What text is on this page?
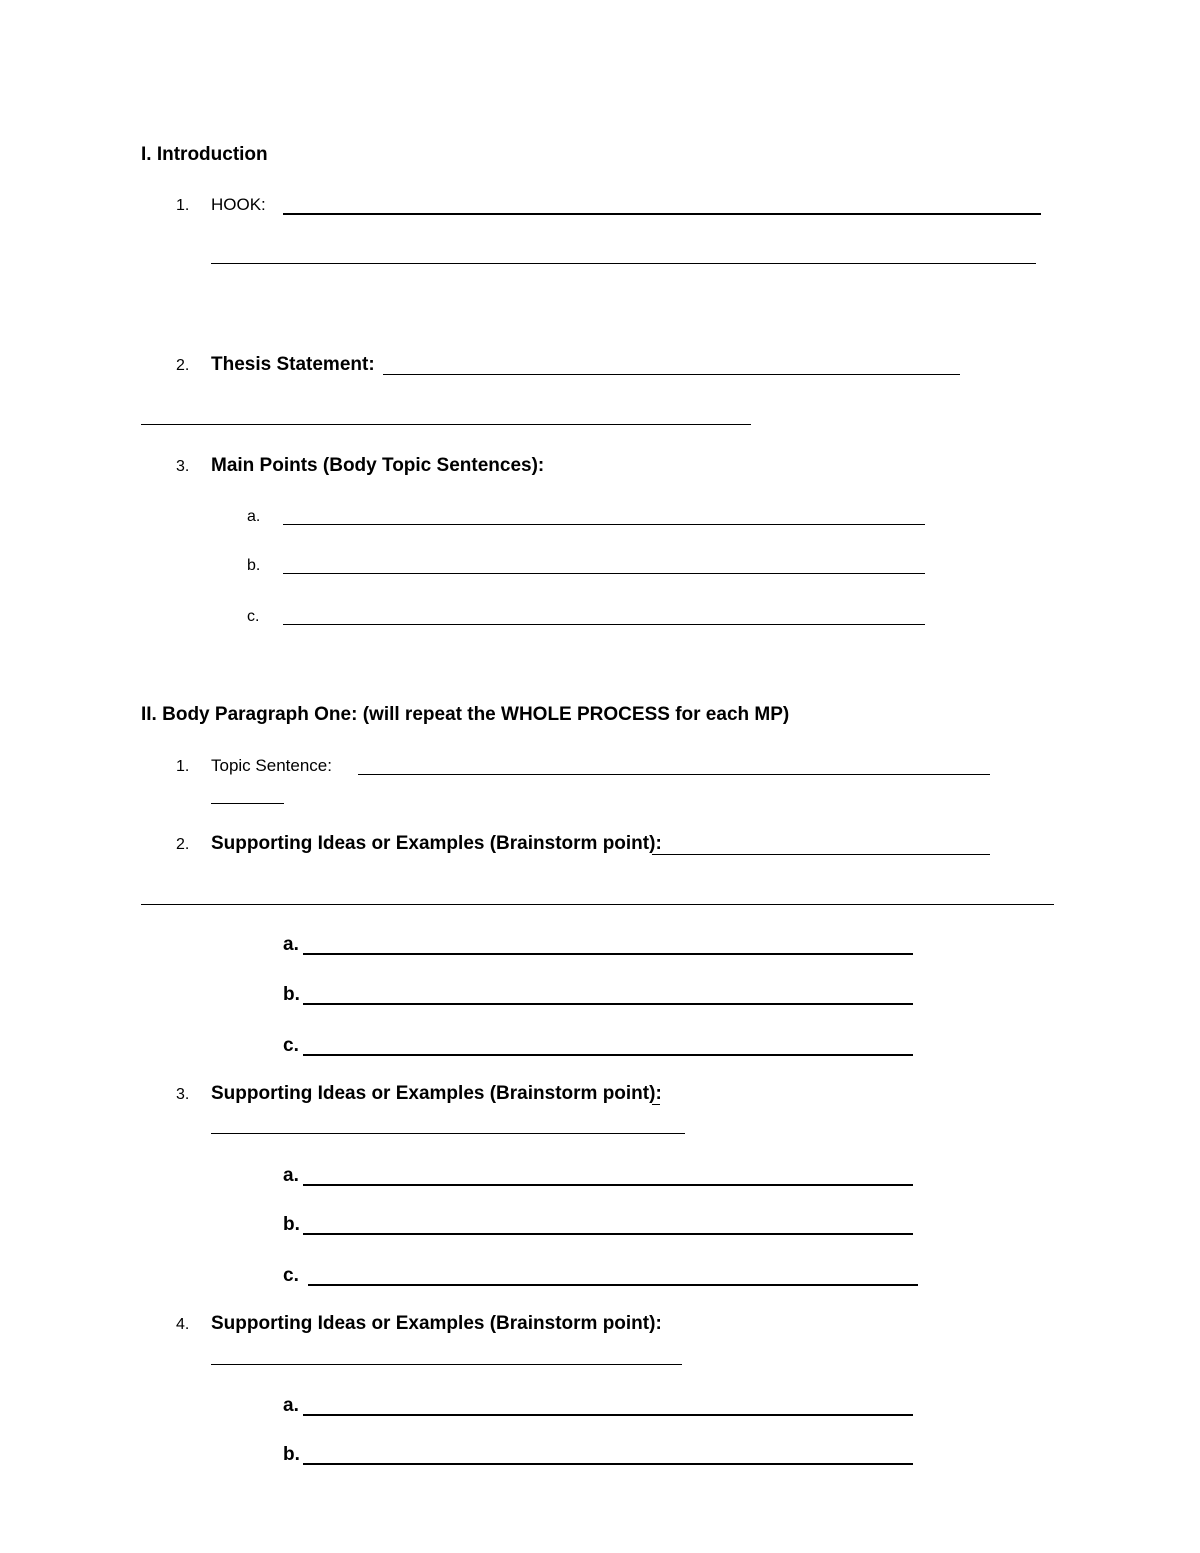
I. Introduction
1. HOOK:
2. Thesis Statement:
3. Main Points (Body Topic Sentences):
a.
b.
c.
II. Body Paragraph One: (will repeat the WHOLE PROCESS for each MP)
1. Topic Sentence:
2. Supporting Ideas or Examples (Brainstorm point):
a.
b.
c.
3. Supporting Ideas or Examples (Brainstorm point):
a.
b.
c.
4. Supporting Ideas or Examples (Brainstorm point):
a.
b.
